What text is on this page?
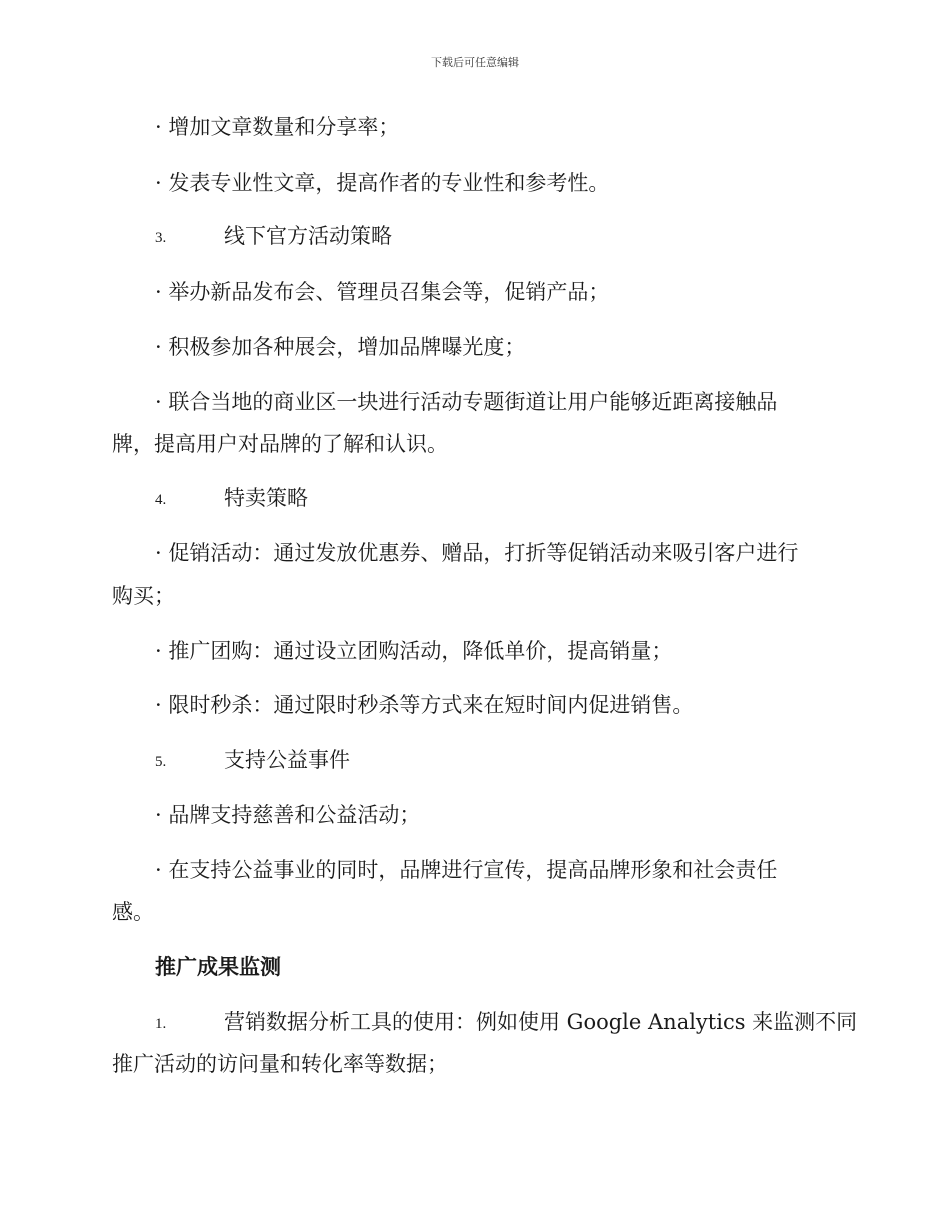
下载后可任意编辑
· 增加文章数量和分享率；
· 发表专业性文章，提高作者的专业性和参考性。
3.	线下官方活动策略
· 举办新品发布会、管理员召集会等，促销产品；
· 积极参加各种展会，增加品牌曝光度；
· 联合当地的商业区一块进行活动专题街道让用户能够近距离接触品
牌，提高用户对品牌的了解和认识。
4.	特卖策略
· 促销活动：通过发放优惠券、赠品，打折等促销活动来吸引客户进行
购买；
· 推广团购：通过设立团购活动，降低单价，提高销量；
· 限时秒杀：通过限时秒杀等方式来在短时间内促进销售。
5.	支持公益事件
· 品牌支持慈善和公益活动；
· 在支持公益事业的同时，品牌进行宣传，提高品牌形象和社会责任
感。
推广成果监测
1.	营销数据分析工具的使用：例如使用 Google Analytics 来监测不同
推广活动的访问量和转化率等数据；
